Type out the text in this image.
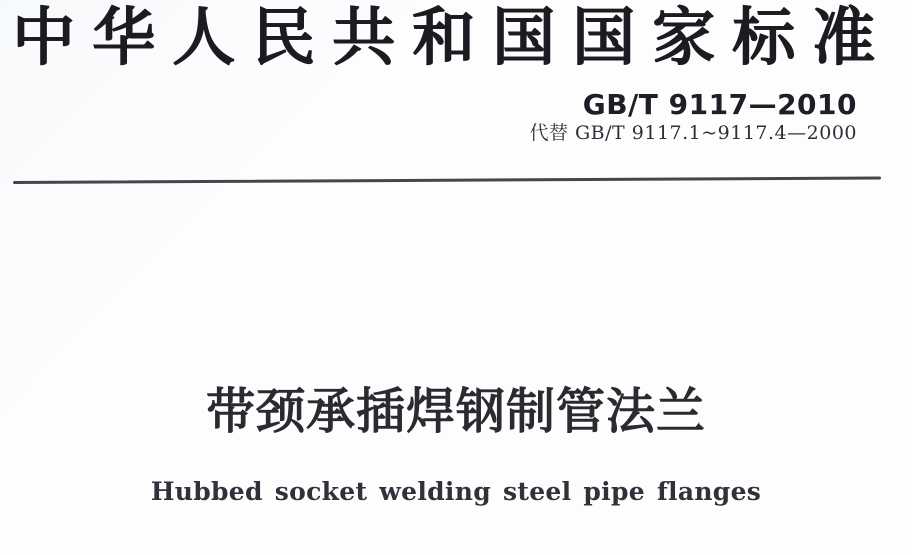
中华人民共和国国家标准
GB/T 9117—2010
代替 GB/T 9117.1~9117.4—2000
带颈承插焊钢制管法兰
Hubbed socket welding steel pipe flanges
